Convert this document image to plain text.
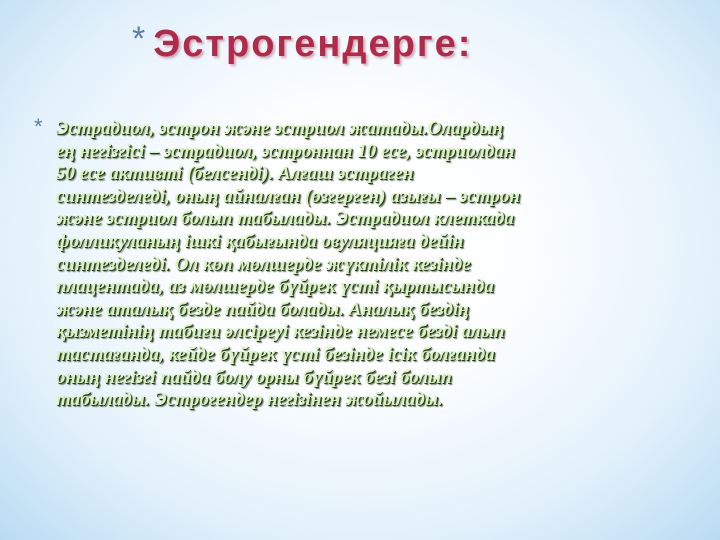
* Эстрогендерге:
* Эстрадиол, эстрон және эстриол жатады.Олардың
ең негізгісі – эстрадиол, эстроннан 10 есе, эстриолдан
50 есе активті (белсенді). Алғаш эстраген
синтезделеді, оның айналған (өзгерген) азығы – эстрон
және эстриол болып табылады. Эстрадиол клеткада
фолликуланың ішкі қабығында овуляцияға дейін
синтезделеді. Ол көп мөлшерде жүктілік кезінде
плацентада, аз мөлшерде бүйрек үсті қыртысында
және аталық безде пайда болады. Аналық бездің
қызметінің табиғи әлсіреуі кезінде немесе безді алып
тастағанда, кейде бүйрек үсті безінде ісік болғанда
оның негізгі пайда болу орны бүйрек безі болып
табылады. Эстрогендер негізінен жойылады.
